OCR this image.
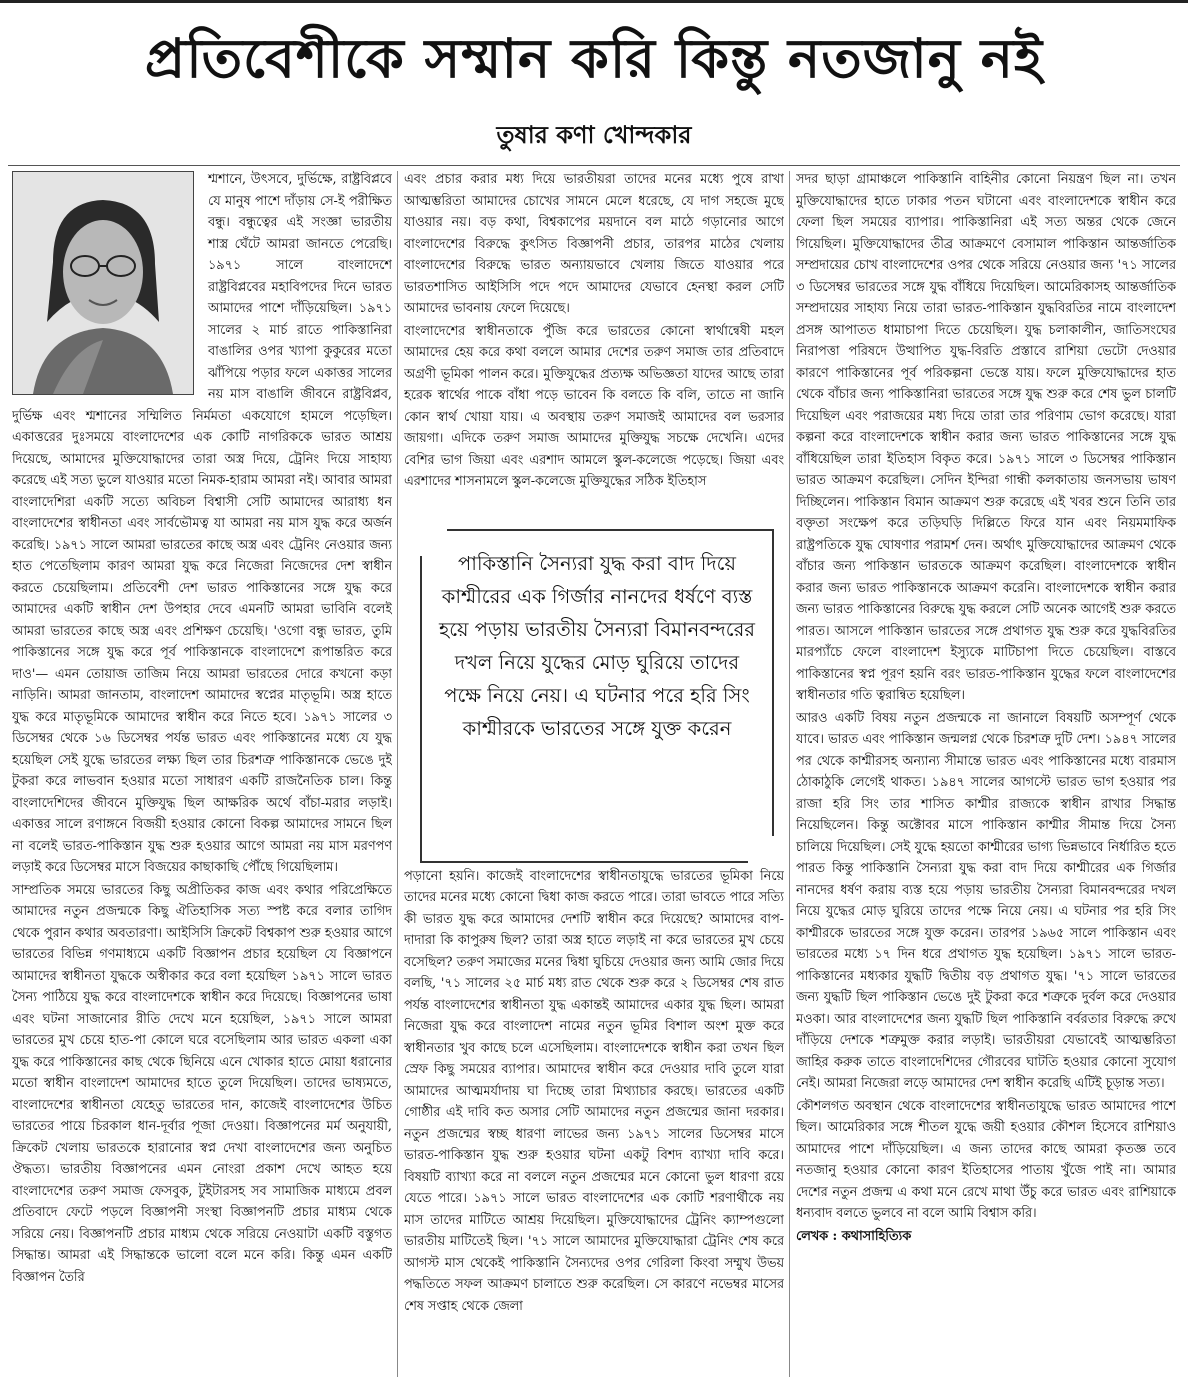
প্রতিবেশীকে সম্মান করি কিন্তু নতজানু নই
তুষার কণা খোন্দকার

শ্মশানে, উৎসবে, দুর্ভিক্ষে, রাষ্ট্রবিপ্লবে যে মানুষ পাশে দাঁড়ায় সে-ই পরীক্ষিত বন্ধু। বন্ধুত্বের এই সংজ্ঞা ভারতীয় শাস্ত্র ঘেঁটে আমরা জানতে পেরেছি। ১৯৭১ সালে বাংলাদেশে রাষ্ট্রবিপ্লবের মহাবিপদের দিনে ভারত আমাদের পাশে দাঁড়িয়েছিল। ১৯৭১ সালের ২ মার্চ রাতে পাকিস্তানিরা বাঙালির ওপর খ্যাপা কুকুরের মতো ঝাঁপিয়ে পড়ার ফলে একাত্তর সালের নয় মাস বাঙালি জীবনে রাষ্ট্রবিপ্লব, দুর্ভিক্ষ এবং শ্মশানের সম্মিলিত নির্মমতা একযোগে হামলে পড়েছিল। একাত্তরের দুঃসময়ে বাংলাদেশের এক কোটি নাগরিককে ভারত আশ্রয় দিয়েছে, আমাদের মুক্তিযোদ্ধাদের তারা অস্ত্র দিয়ে, ট্রেনিং দিয়ে সাহায্য করেছে এই সত্য ভুলে যাওয়ার মতো নিমক-হারাম আমরা নই। আবার আমরা বাংলাদেশিরা একটি সত্যে অবিচল বিশ্বাসী সেটি আমাদের আরাধ্য ধন বাংলাদেশের স্বাধীনতা এবং সার্বভৌমত্ব যা আমরা নয় মাস যুদ্ধ করে অর্জন করেছি। ১৯৭১ সালে আমরা ভারতের কাছে অস্ত্র এবং ট্রেনিং নেওয়ার জন্য হাত পেতেছিলাম কারণ আমরা যুদ্ধ করে নিজেরা নিজেদের দেশ স্বাধীন করতে চেয়েছিলাম। প্রতিবেশী দেশ ভারত পাকিস্তানের সঙ্গে যুদ্ধ করে আমাদের একটি স্বাধীন দেশ উপহার দেবে এমনটি আমরা ভাবিনি বলেই আমরা ভারতের কাছে অস্ত্র এবং প্রশিক্ষণ চেয়েছি। 'ওগো বন্ধু ভারত, তুমি পাকিস্তানের সঙ্গে যুদ্ধ করে পূর্ব পাকিস্তানকে বাংলাদেশে রূপান্তরিত করে দাও'— এমন তোয়াজ তাজিম নিয়ে আমরা ভারতের দোরে কখনো কড়া নাড়িনি। আমরা জানতাম, বাংলাদেশ আমাদের স্বপ্নের মাতৃভূমি। অস্ত্র হাতে যুদ্ধ করে মাতৃভূমিকে আমাদের স্বাধীন করে নিতে হবে। ১৯৭১ সালের ৩ ডিসেম্বর থেকে ১৬ ডিসেম্বর পর্যন্ত ভারত এবং পাকিস্তানের মধ্যে যে যুদ্ধ হয়েছিল সেই যুদ্ধে ভারতের লক্ষ্য ছিল তার চিরশত্রু পাকিস্তানকে ভেঙে দুই টুকরা করে লাভবান হওয়ার মতো সাধারণ একটি রাজনৈতিক চাল। কিন্তু বাংলাদেশিদের জীবনে মুক্তিযুদ্ধ ছিল আক্ষরিক অর্থে বাঁচা-মরার লড়াই। একাত্তর সালে রণাঙ্গনে বিজয়ী হওয়ার কোনো বিকল্প আমাদের সামনে ছিল না বলেই ভারত-পাকিস্তান যুদ্ধ শুরু হওয়ার আগে আমরা নয় মাস মরণপণ লড়াই করে ডিসেম্বর মাসে বিজয়ের কাছাকাছি পৌঁছে গিয়েছিলাম।

সাম্প্রতিক সময়ে ভারতের কিছু অপ্রীতিকর কাজ এবং কথার পরিপ্রেক্ষিতে আমাদের নতুন প্রজন্মকে কিছু ঐতিহাসিক সত্য স্পষ্ট করে বলার তাগিদ থেকে পুরান কথার অবতারণা। আইসিসি ক্রিকেট বিশ্বকাপ শুরু হওয়ার আগে ভারতের বিভিন্ন গণমাধ্যমে একটি বিজ্ঞাপন প্রচার হয়েছিল যে বিজ্ঞাপনে আমাদের স্বাধীনতা যুদ্ধকে অস্বীকার করে বলা হয়েছিল ১৯৭১ সালে ভারত সৈন্য পাঠিয়ে যুদ্ধ করে বাংলাদেশকে স্বাধীন করে দিয়েছে। বিজ্ঞাপনের ভাষা এবং ঘটনা সাজানোর রীতি দেখে মনে হয়েছিল, ১৯৭১ সালে আমরা ভারতের মুখ চেয়ে হাত-পা কোলে ঘরে বসেছিলাম আর ভারত একলা একা যুদ্ধ করে পাকিস্তানের কাছ থেকে ছিনিয়ে এনে খোকার হাতে মোয়া ধরানোর মতো স্বাধীন বাংলাদেশ আমাদের হাতে তুলে দিয়েছিল। তাদের ভাষ্যমতে, বাংলাদেশের স্বাধীনতা যেহেতু ভারতের দান, কাজেই বাংলাদেশের উচিত ভারতের পায়ে চিরকাল ধান-দূর্বার পূজা দেওয়া। বিজ্ঞাপনের মর্ম অনুযায়ী, ক্রিকেট খেলায় ভারতকে হারানোর স্বপ্ন দেখা বাংলাদেশের জন্য অনুচিত ঔদ্ধত্য। ভারতীয় বিজ্ঞাপনের এমন নোংরা প্রকাশ দেখে আহত হয়ে বাংলাদেশের তরুণ সমাজ ফেসবুক, টুইটারসহ সব সামাজিক মাধ্যমে প্রবল প্রতিবাদে ফেটে পড়লে বিজ্ঞাপনী সংস্থা বিজ্ঞাপনটি প্রচার মাধ্যম থেকে সরিয়ে নেয়। বিজ্ঞাপনটি প্রচার মাধ্যম থেকে সরিয়ে নেওয়াটা একটি বস্তুগত সিদ্ধান্ত। আমরা এই সিদ্ধান্তকে ভালো বলে মনে করি। কিন্তু এমন একটি বিজ্ঞাপন তৈরি

এবং প্রচার করার মধ্য দিয়ে ভারতীয়রা তাদের মনের মধ্যে পুষে রাখা আত্মম্ভরিতা আমাদের চোখের সামনে মেলে ধরেছে, যে দাগ সহজে মুছে যাওয়ার নয়। বড় কথা, বিশ্বকাপের ময়দানে বল মাঠে গড়ানোর আগে বাংলাদেশের বিরুদ্ধে কুৎসিত বিজ্ঞাপনী প্রচার, তারপর মাঠের খেলায় বাংলাদেশের বিরুদ্ধে ভারত অন্যায়ভাবে খেলায় জিতে যাওয়ার পরে ভারতশাসিত আইসিসি পদে পদে আমাদের যেভাবে হেনস্থা করল সেটি আমাদের ভাবনায় ফেলে দিয়েছে।

বাংলাদেশের স্বাধীনতাকে পুঁজি করে ভারতের কোনো স্বার্থান্বেষী মহল আমাদের হেয় করে কথা বললে আমার দেশের তরুণ সমাজ তার প্রতিবাদে অগ্রণী ভূমিকা পালন করে। মুক্তিযুদ্ধের প্রত্যক্ষ অভিজ্ঞতা যাদের আছে তারা হরেক স্বার্থের পাকে বাঁধা পড়ে ভাবেন কি বলতে কি বলি, তাতে না জানি কোন স্বার্থ খোয়া যায়। এ অবস্থায় তরুণ সমাজই আমাদের বল ভরসার জায়গা। এদিকে তরুণ সমাজ আমাদের মুক্তিযুদ্ধ সচক্ষে দেখেনি। এদের বেশির ভাগ জিয়া এবং এরশাদ আমলে স্কুল-কলেজে পড়েছে। জিয়া এবং এরশাদের শাসনামলে স্কুল-কলেজে মুক্তিযুদ্ধের সঠিক ইতিহাস

পড়ানো হয়নি। কাজেই বাংলাদেশের স্বাধীনতাযুদ্ধে ভারতের ভূমিকা নিয়ে তাদের মনের মধ্যে কোনো দ্বিধা কাজ করতে পারে। তারা ভাবতে পারে সত্যি কী ভারত যুদ্ধ করে আমাদের দেশটি স্বাধীন করে দিয়েছে? আমাদের বাপ-দাদারা কি কাপুরুষ ছিল? তারা অস্ত্র হাতে লড়াই না করে ভারতের মুখ চেয়ে বসেছিল? তরুণ সমাজের মনের দ্বিধা ঘুচিয়ে দেওয়ার জন্য আমি জোর দিয়ে বলছি, '৭১ সালের ২৫ মার্চ মধ্য রাত থেকে শুরু করে ২ ডিসেম্বর শেষ রাত পর্যন্ত বাংলাদেশের স্বাধীনতা যুদ্ধ একান্তই আমাদের একার যুদ্ধ ছিল। আমরা নিজেরা যুদ্ধ করে বাংলাদেশ নামের নতুন ভূমির বিশাল অংশ মুক্ত করে স্বাধীনতার খুব কাছে চলে এসেছিলাম। বাংলাদেশকে স্বাধীন করা তখন ছিল স্রেফ কিছু সময়ের ব্যাপার। আমাদের স্বাধীন করে দেওয়ার দাবি তুলে যারা আমাদের আত্মমর্যাদায় ঘা দিচ্ছে তারা মিথ্যাচার করছে। ভারতের একটি গোষ্ঠীর এই দাবি কত অসার সেটি আমাদের নতুন প্রজন্মের জানা দরকার। নতুন প্রজন্মের স্বচ্ছ ধারণা লাভের জন্য ১৯৭১ সালের ডিসেম্বর মাসে ভারত-পাকিস্তান যুদ্ধ শুরু হওয়ার ঘটনা একটু বিশদ ব্যাখ্যা দাবি করে। বিষয়টি ব্যাখ্যা করে না বললে নতুন প্রজন্মের মনে কোনো ভুল ধারণা রয়ে যেতে পারে। ১৯৭১ সালে ভারত বাংলাদেশের এক কোটি শরণার্থীকে নয় মাস তাদের মাটিতে আশ্রয় দিয়েছিল। মুক্তিযোদ্ধাদের ট্রেনিং ক্যাম্পগুলো ভারতীয় মাটিতেই ছিল। '৭১ সালে আমাদের মুক্তিযোদ্ধারা ট্রেনিং শেষ করে আগস্ট মাস থেকেই পাকিস্তানি সৈন্যদের ওপর গেরিলা কিংবা সম্মুখ উভয় পদ্ধতিতে সফল আক্রমণ চালাতে শুরু করেছিল। সে কারণে নভেম্বর মাসের শেষ সপ্তাহ থেকে জেলা

সদর ছাড়া গ্রামাঞ্চলে পাকিস্তানি বাহিনীর কোনো নিয়ন্ত্রণ ছিল না। তখন মুক্তিযোদ্ধাদের হাতে ঢাকার পতন ঘটানো এবং বাংলাদেশকে স্বাধীন করে ফেলা ছিল সময়ের ব্যাপার। পাকিস্তানিরা এই সত্য অন্তর থেকে জেনে গিয়েছিল। মুক্তিযোদ্ধাদের তীব্র আক্রমণে বেসামাল পাকিস্তান আন্তর্জাতিক সম্প্রদায়ের চোখ বাংলাদেশের ওপর থেকে সরিয়ে নেওয়ার জন্য '৭১ সালের ৩ ডিসেম্বর ভারতের সঙ্গে যুদ্ধ বাঁধিয়ে দিয়েছিল। আমেরিকাসহ আন্তর্জাতিক সম্প্রদায়ের সাহায্য নিয়ে তারা ভারত-পাকিস্তান যুদ্ধবিরতির নামে বাংলাদেশ প্রসঙ্গ আপাতত ধামাচাপা দিতে চেয়েছিল। যুদ্ধ চলাকালীন, জাতিসংঘের নিরাপত্তা পরিষদে উত্থাপিত যুদ্ধ-বিরতি প্রস্তাবে রাশিয়া ভেটো দেওয়ার কারণে পাকিস্তানের পূর্ব পরিকল্পনা ভেস্তে যায়। ফলে মুক্তিযোদ্ধাদের হাত থেকে বাঁচার জন্য পাকিস্তানিরা ভারতের সঙ্গে যুদ্ধ শুরু করে শেষ ভুল চালটি দিয়েছিল এবং পরাজয়ের মধ্য দিয়ে তারা তার পরিণাম ভোগ করেছে। যারা কল্পনা করে বাংলাদেশকে স্বাধীন করার জন্য ভারত পাকিস্তানের সঙ্গে যুদ্ধ বাঁধিয়েছিল তারা ইতিহাস বিকৃত করে। ১৯৭১ সালে ৩ ডিসেম্বর পাকিস্তান ভারত আক্রমণ করেছিল। সেদিন ইন্দিরা গান্ধী কলকাতায় জনসভায় ভাষণ দিচ্ছিলেন। পাকিস্তান বিমান আক্রমণ শুরু করেছে এই খবর শুনে তিনি তার বক্তৃতা সংক্ষেপ করে তড়িঘড়ি দিল্লিতে ফিরে যান এবং নিয়মমাফিক রাষ্ট্রপতিকে যুদ্ধ ঘোষণার পরামর্শ দেন। অর্থাৎ মুক্তিযোদ্ধাদের আক্রমণ থেকে বাঁচার জন্য পাকিস্তান ভারতকে আক্রমণ করেছিল। বাংলাদেশকে স্বাধীন করার জন্য ভারত পাকিস্তানকে আক্রমণ করেনি। বাংলাদেশকে স্বাধীন করার জন্য ভারত পাকিস্তানের বিরুদ্ধে যুদ্ধ করলে সেটি অনেক আগেই শুরু করতে পারত। আসলে পাকিস্তান ভারতের সঙ্গে প্রথাগত যুদ্ধ শুরু করে যুদ্ধবিরতির মারপ্যাঁচে ফেলে বাংলাদেশ ইস্যুকে মাটিচাপা দিতে চেয়েছিল। বাস্তবে পাকিস্তানের স্বপ্ন পূরণ হয়নি বরং ভারত-পাকিস্তান যুদ্ধের ফলে বাংলাদেশের স্বাধীনতার গতি ত্বরান্বিত হয়েছিল।

আরও একটি বিষয় নতুন প্রজন্মকে না জানালে বিষয়টি অসম্পূর্ণ থেকে যাবে। ভারত এবং পাকিস্তান জন্মলগ্ন থেকে চিরশত্রু দুটি দেশ। ১৯৪৭ সালের পর থেকে কাশ্মীরসহ অন্যান্য সীমান্তে ভারত এবং পাকিস্তানের মধ্যে বারমাস ঠোকাঠুকি লেগেই থাকত। ১৯৪৭ সালের আগস্টে ভারত ভাগ হওয়ার পর রাজা হরি সিং তার শাসিত কাশ্মীর রাজ্যকে স্বাধীন রাখার সিদ্ধান্ত নিয়েছিলেন। কিন্তু অক্টোবর মাসে পাকিস্তান কাশ্মীর সীমান্ত দিয়ে সৈন্য চালিয়ে দিয়েছিল। সেই যুদ্ধে হয়তো কাশ্মীরের ভাগ্য ভিন্নভাবে নির্ধারিত হতে পারত কিন্তু পাকিস্তানি সৈন্যরা যুদ্ধ করা বাদ দিয়ে কাশ্মীরের এক গির্জার নানদের ধর্ষণ করায় ব্যস্ত হয়ে পড়ায় ভারতীয় সৈন্যরা বিমানবন্দরের দখল নিয়ে যুদ্ধের মোড় ঘুরিয়ে তাদের পক্ষে নিয়ে নেয়। এ ঘটনার পর হরি সিং কাশ্মীরকে ভারতের সঙ্গে যুক্ত করেন। তারপর ১৯৬৫ সালে পাকিস্তান এবং ভারতের মধ্যে ১৭ দিন ধরে প্রথাগত যুদ্ধ হয়েছিল। ১৯৭১ সালে ভারত-পাকিস্তানের মধ্যকার যুদ্ধটি দ্বিতীয় বড় প্রথাগত যুদ্ধ। '৭১ সালে ভারতের জন্য যুদ্ধটি ছিল পাকিস্তান ভেঙে দুই টুকরা করে শত্রুকে দুর্বল করে দেওয়ার মওকা। আর বাংলাদেশের জন্য যুদ্ধটি ছিল পাকিস্তানি বর্বরতার বিরুদ্ধে রুখে দাঁড়িয়ে দেশকে শত্রুমুক্ত করার লড়াই। ভারতীয়রা যেভাবেই আত্মম্ভরিতা জাহির করুক তাতে বাংলাদেশিদের গৌরবের ঘাটতি হওয়ার কোনো সুযোগ নেই। আমরা নিজেরা লড়ে আমাদের দেশ স্বাধীন করেছি এটিই চূড়ান্ত সত্য।

কৌশলগত অবস্থান থেকে বাংলাদেশের স্বাধীনতাযুদ্ধে ভারত আমাদের পাশে ছিল। আমেরিকার সঙ্গে শীতল যুদ্ধে জয়ী হওয়ার কৌশল হিসেবে রাশিয়াও আমাদের পাশে দাঁড়িয়েছিল। এ জন্য তাদের কাছে আমরা কৃতজ্ঞ তবে নতজানু হওয়ার কোনো কারণ ইতিহাসের পাতায় খুঁজে পাই না। আমার দেশের নতুন প্রজন্ম এ কথা মনে রেখে মাথা উঁচু করে ভারত এবং রাশিয়াকে ধন্যবাদ বলতে ভুলবে না বলে আমি বিশ্বাস করি।

লেখক : কথাসাহিত্যিক

পাকিস্তানি সৈন্যরা যুদ্ধ করা বাদ দিয়ে কাশ্মীরের এক গির্জার নানদের ধর্ষণে ব্যস্ত হয়ে পড়ায় ভারতীয় সৈন্যরা বিমানবন্দরের দখল নিয়ে যুদ্ধের মোড় ঘুরিয়ে তাদের পক্ষে নিয়ে নেয়। এ ঘটনার পরে হরি সিং কাশ্মীরকে ভারতের সঙ্গে যুক্ত করেন
